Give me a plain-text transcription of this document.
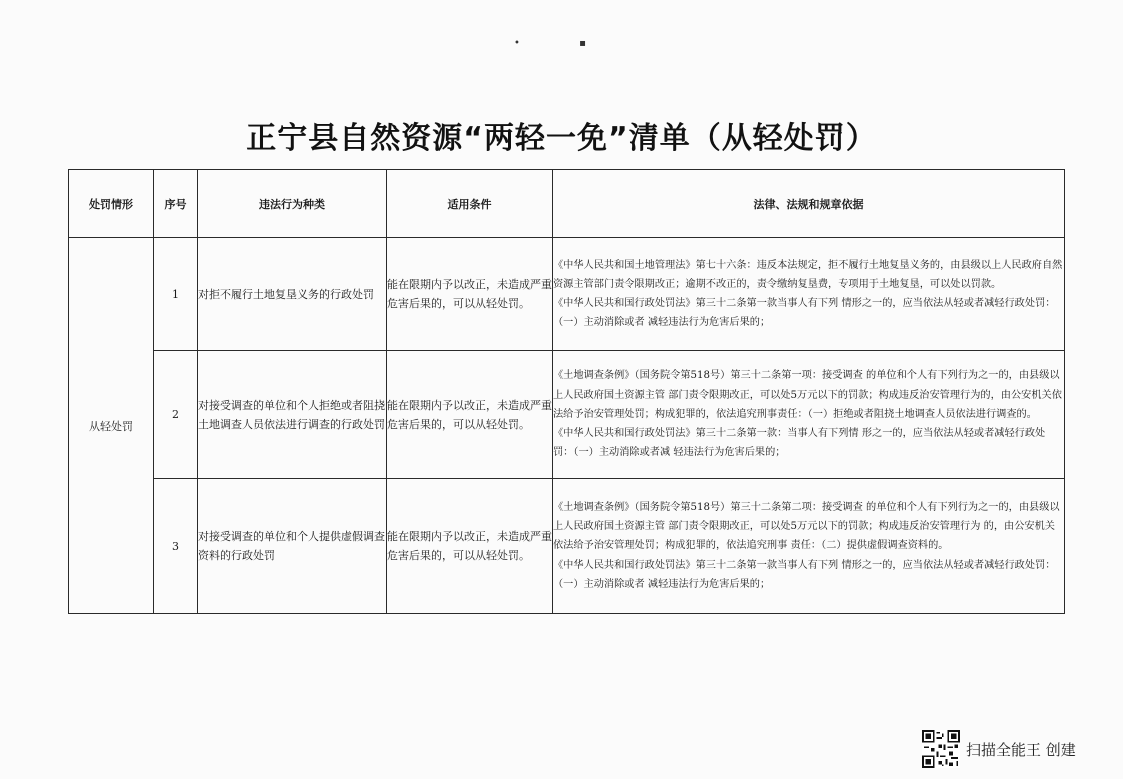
• ▪
正宁县自然资源“两轻一免”清单（从轻处罚）
处罚情形	序号	违法行为种类	适用条件	法律、法规和规章依据
从轻处罚	1	对拒不履行土地复垦义务的行政处罚	能在限期内予以改正，未造成严重危害后果的，可以从轻处罚。	《中华人民共和国土地管理法》第七十六条：违反本法规定，拒不履行土地复垦义务的，由县级以上人民政府自然资源主管部门责令限期改正；逾期不改正的，责令缴纳复垦费，专项用于土地复垦，可以处以罚款。

《中华人民共和国行政处罚法》第三十二条第一款当事人有下列 情形之一的，应当依法从轻或者减轻行政处罚：（一）主动消除或者 减轻违法行为危害后果的；

	2	对接受调查的单位和个人拒绝或者阻挠土地调查人员依法进行调查的行政处罚	能在限期内予以改正，未造成严重危害后果的，可以从轻处罚。	《土地调查条例》（国务院令第518号）第三十二条第一项：接受调查 的单位和个人有下列行为之一的，由县级以上人民政府国土资源主管 部门责令限期改正，可以处5万元以下的罚款；构成违反治安管理行为的，由公安机关依法给予治安管理处罚；构成犯罪的，依法追究刑事责任：（一）拒绝或者阻挠土地调查人员依法进行调查的。

《中华人民共和国行政处罚法》第三十二条第一款：当事人有下列情 形之一的，应当依法从轻或者减轻行政处罚：（一）主动消除或者减 轻违法行为危害后果的；

	3	对接受调查的单位和个人提供虚假调查资料的行政处罚	能在限期内予以改正，未造成严重危害后果的，可以从轻处罚。	《土地调查条例》（国务院令第518号）第三十二条第二项：接受调查 的单位和个人有下列行为之一的，由县级以上人民政府国土资源主管 部门责令限期改正，可以处5万元以下的罚款；构成违反治安管理行为 的，由公安机关依法给予治安管理处罚；构成犯罪的，依法追究刑事 责任：（二）提供虚假调查资料的。

《中华人民共和国行政处罚法》第三十二条第一款当事人有下列 情形之一的，应当依法从轻或者减轻行政处罚：（一）主动消除或者 减轻违法行为危害后果的；

扫描全能王 创建
